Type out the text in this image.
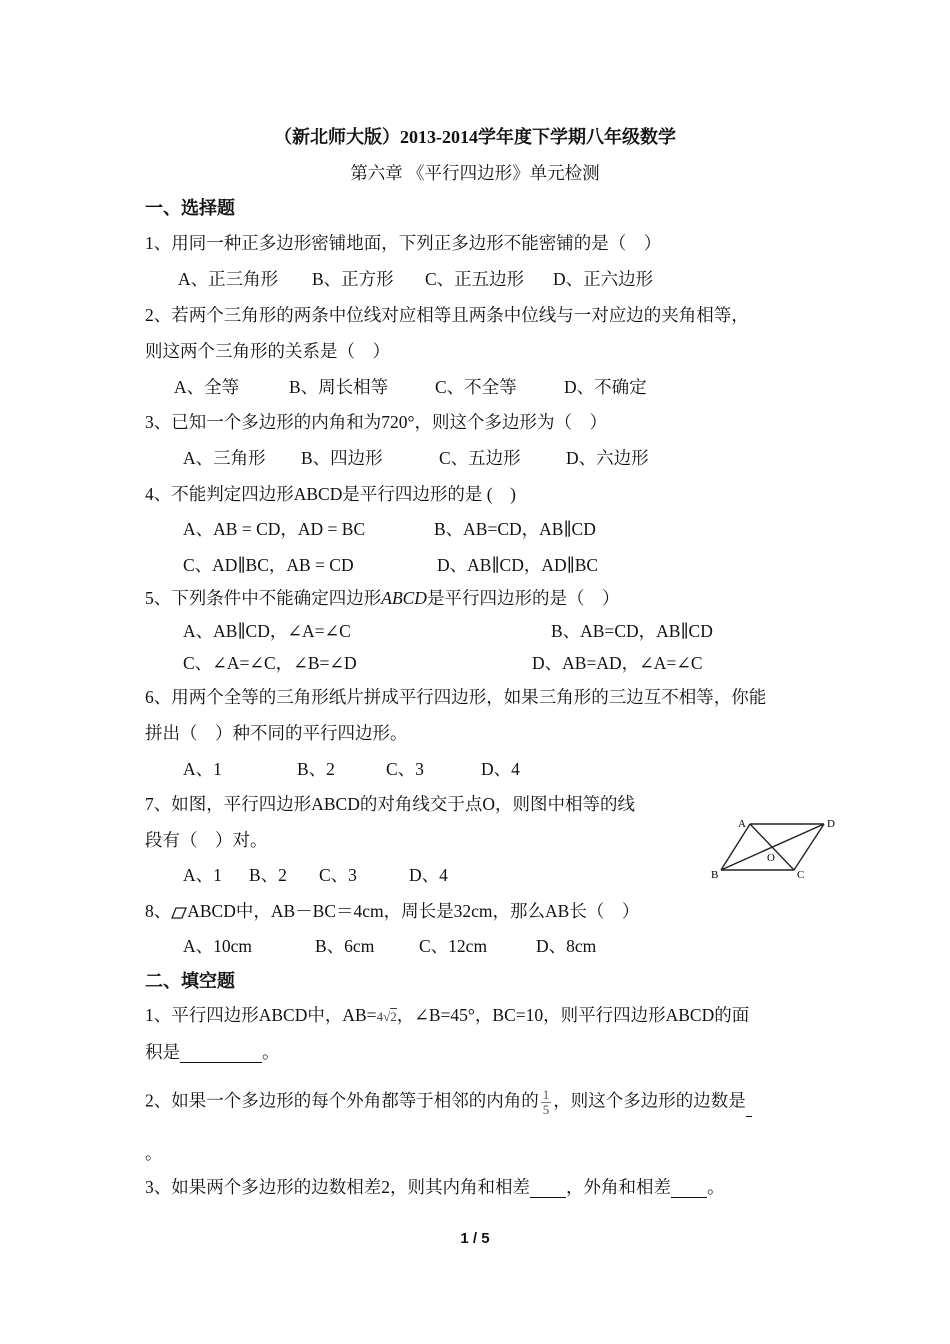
（新北师大版）2013-2014学年度下学期八年级数学
第六章 《平行四边形》单元检测
一、选择题
1、用同一种正多边形密铺地面，下列正多边形不能密铺的是（　）
A、正三角形 B、正方形 C、正五边形 D、正六边形
2、若两个三角形的两条中位线对应相等且两条中位线与一对应边的夹角相等，
则这两个三角形的关系是（　）
A、全等	B、周长相等	C、不全等	D、不确定
3、已知一个多边形的内角和为720°，则这个多边形为（　）
A、三角形 B、四边形	C、五边形	D、六边形
4、不能判定四边形ABCD是平行四边形的是 (　)
A、AB = CD，AD = BC	B、AB=CD，AB∥CD
C、AD∥BC，AB = CD	D、AB∥CD，AD∥BC
5、下列条件中不能确定四边形ABCD是平行四边形的是（　）
A、AB∥CD，∠A=∠C	B、AB=CD，AB∥CD
C、∠A=∠C，∠B=∠D	D、AB=AD，∠A=∠C
6、用两个全等的三角形纸片拼成平行四边形，如果三角形的三边互不相等，你能
拼出（　）种不同的平行四边形。
A、1	B、2	C、3	D、4
7、如图，平行四边形ABCD的对角线交于点O，则图中相等的线
段有（　）对。
A、1 B、2 C、3	D、4
A
B	C
D
O
8、 ABCD中，AB－BC＝4cm，周长是32cm，那么AB长（　）
A、10cm	B、6cm	C、12cm	D、8cm
二、填空题
1、平行四边形ABCD中，AB=4√2，∠B=45°，BC=10，则平行四边形ABCD的面
积是	。
2、如果一个多边形的每个外角都等于相邻的内角的 $\frac{1}{5}$ ，则这个多边形的边数是
。
3、如果两个多边形的边数相差2，则其内角和相差 ，外角和相差 。
1 / 5
